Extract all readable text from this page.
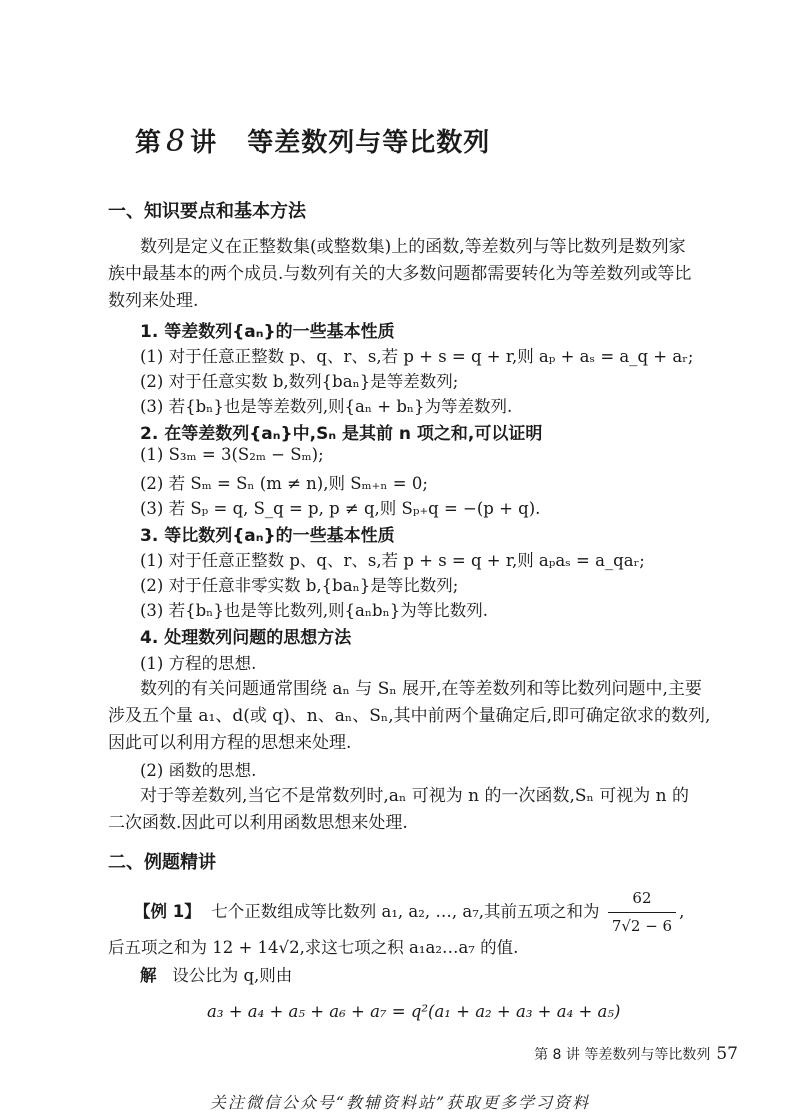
第 8 讲 等差数列与等比数列
一、知识要点和基本方法
数列是定义在正整数集(或整数集)上的函数,等差数列与等比数列是数列家
族中最基本的两个成员.与数列有关的大多数问题都需要转化为等差数列或等比
数列来处理.
1. 等差数列{aₙ}的一些基本性质
(1) 对于任意正整数 p、q、r、s,若 p + s = q + r,则 aₚ + aₛ = a_q + aᵣ;
(2) 对于任意实数 b,数列{baₙ}是等差数列;
(3) 若{bₙ}也是等差数列,则{aₙ + bₙ}为等差数列.
2. 在等差数列{aₙ}中,Sₙ 是其前 n 项之和,可以证明
(1) S₃ₘ = 3(S₂ₘ − Sₘ);
(2) 若 Sₘ = Sₙ (m ≠ n),则 Sₘ₊ₙ = 0;
(3) 若 Sₚ = q, S_q = p, p ≠ q,则 Sₚ₊q = −(p + q).
3. 等比数列{aₙ}的一些基本性质
(1) 对于任意正整数 p、q、r、s,若 p + s = q + r,则 aₚaₛ = a_qaᵣ;
(2) 对于任意非零实数 b,{baₙ}是等比数列;
(3) 若{bₙ}也是等比数列,则{aₙbₙ}为等比数列.
4. 处理数列问题的思想方法
(1) 方程的思想.
数列的有关问题通常围绕 aₙ 与 Sₙ 展开,在等差数列和等比数列问题中,主要
涉及五个量 a₁、d(或 q)、n、aₙ、Sₙ,其中前两个量确定后,即可确定欲求的数列,
因此可以利用方程的思想来处理.
(2) 函数的思想.
对于等差数列,当它不是常数列时,aₙ 可视为 n 的一次函数,Sₙ 可视为 n 的
二次函数.因此可以利用函数思想来处理.
二、例题精讲
【例 1】 七个正数组成等比数列 a₁, a₂, …, a₇,其前五项之和为 $\frac{62}{7√2 - 6}$ ,
后五项之和为 12 + 14√2,求这七项之积 a₁a₂…a₇ 的值.
解 设公比为 q,则由
a₃ + a₄ + a₅ + a₆ + a₇ = q²(a₁ + a₂ + a₃ + a₄ + a₅)
第 8 讲 等差数列与等比数列 57
关注微信公众号“教辅资料站”获取更多学习资料
